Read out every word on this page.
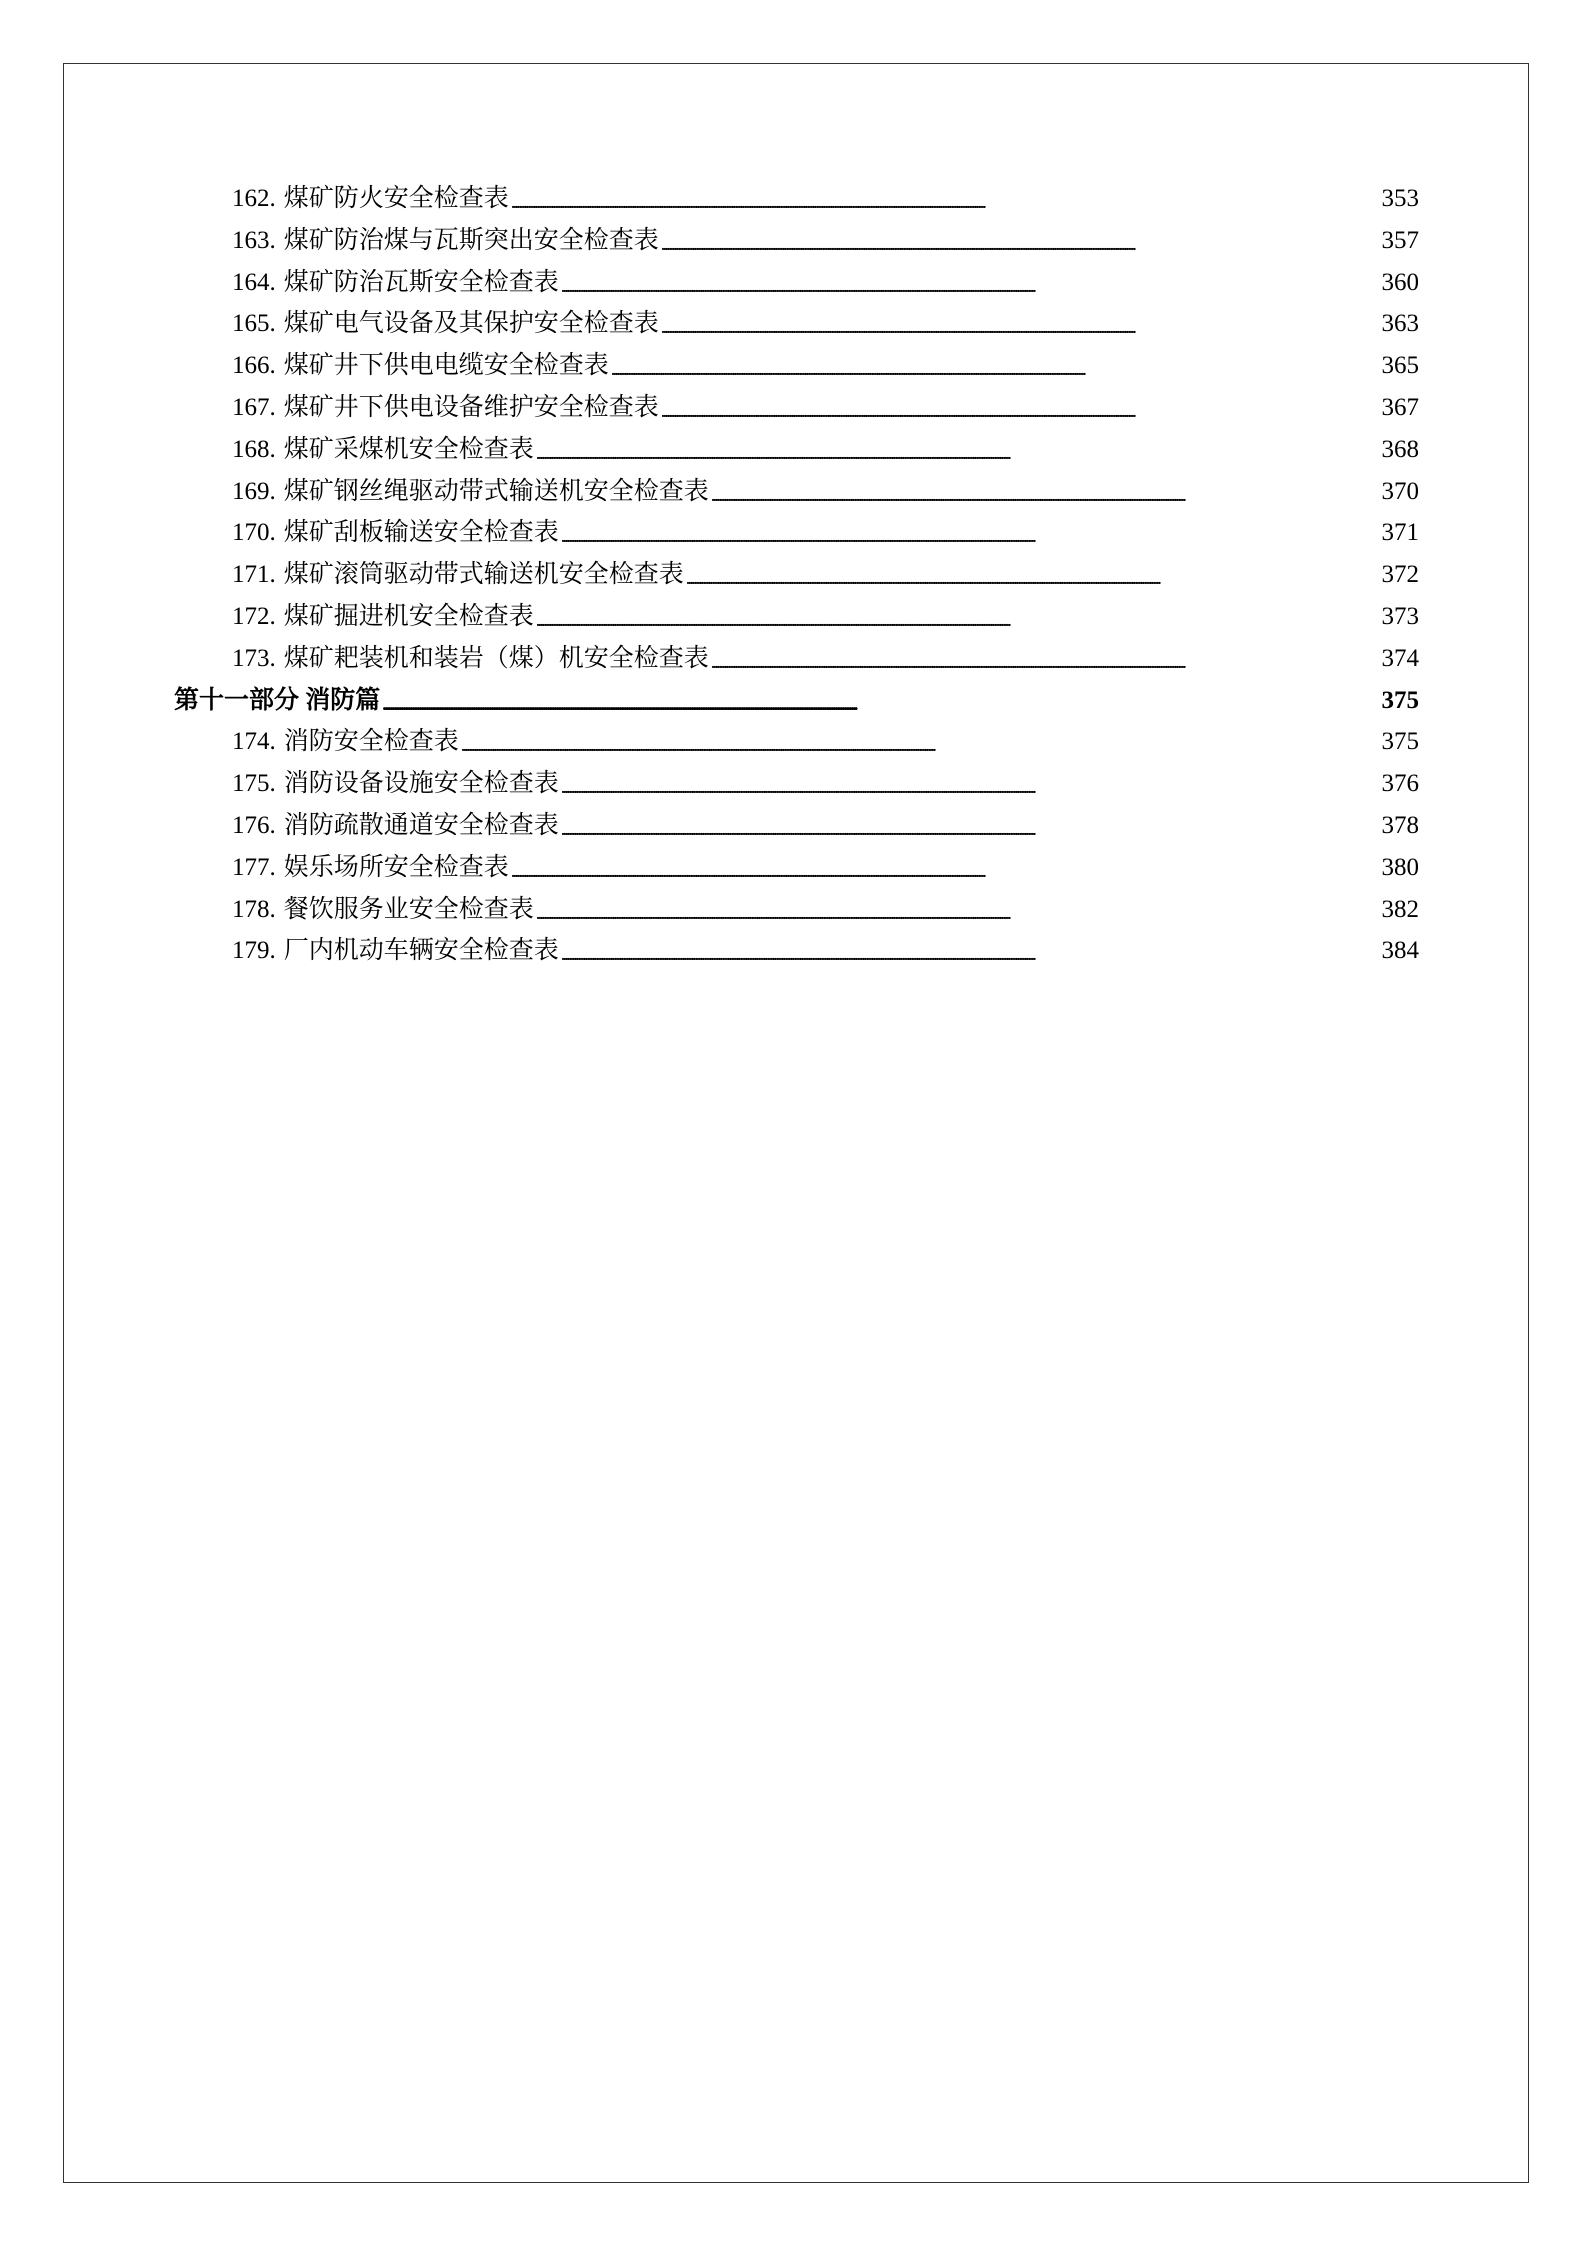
162. 煤矿防火安全检查表 . . .	353
163. 煤矿防治煤与瓦斯突出安全检查表 . . .	357
164. 煤矿防治瓦斯安全检查表 . . .	360
165. 煤矿电气设备及其保护安全检查表 . . .	363
166. 煤矿井下供电电缆安全检查表 . . .	365
167. 煤矿井下供电设备维护安全检查表 . . .	367
168. 煤矿采煤机安全检查表 . . .	368
169. 煤矿钢丝绳驱动带式输送机安全检查表 . . .	370
170. 煤矿刮板输送安全检查表 . . .	371
171. 煤矿滚筒驱动带式输送机安全检查表 . . .	372
172. 煤矿掘进机安全检查表 . . .	373
173. 煤矿耙装机和装岩（煤）机安全检查表 . . .	374
第十一部分 消防篇 . . .	375
174. 消防安全检查表 . . .	375
175. 消防设备设施安全检查表 . . .	376
176. 消防疏散通道安全检查表 . . .	378
177. 娱乐场所安全检查表 . . .	380
178. 餐饮服务业安全检查表 . . .	382
179. 厂内机动车辆安全检查表 . . .	384
